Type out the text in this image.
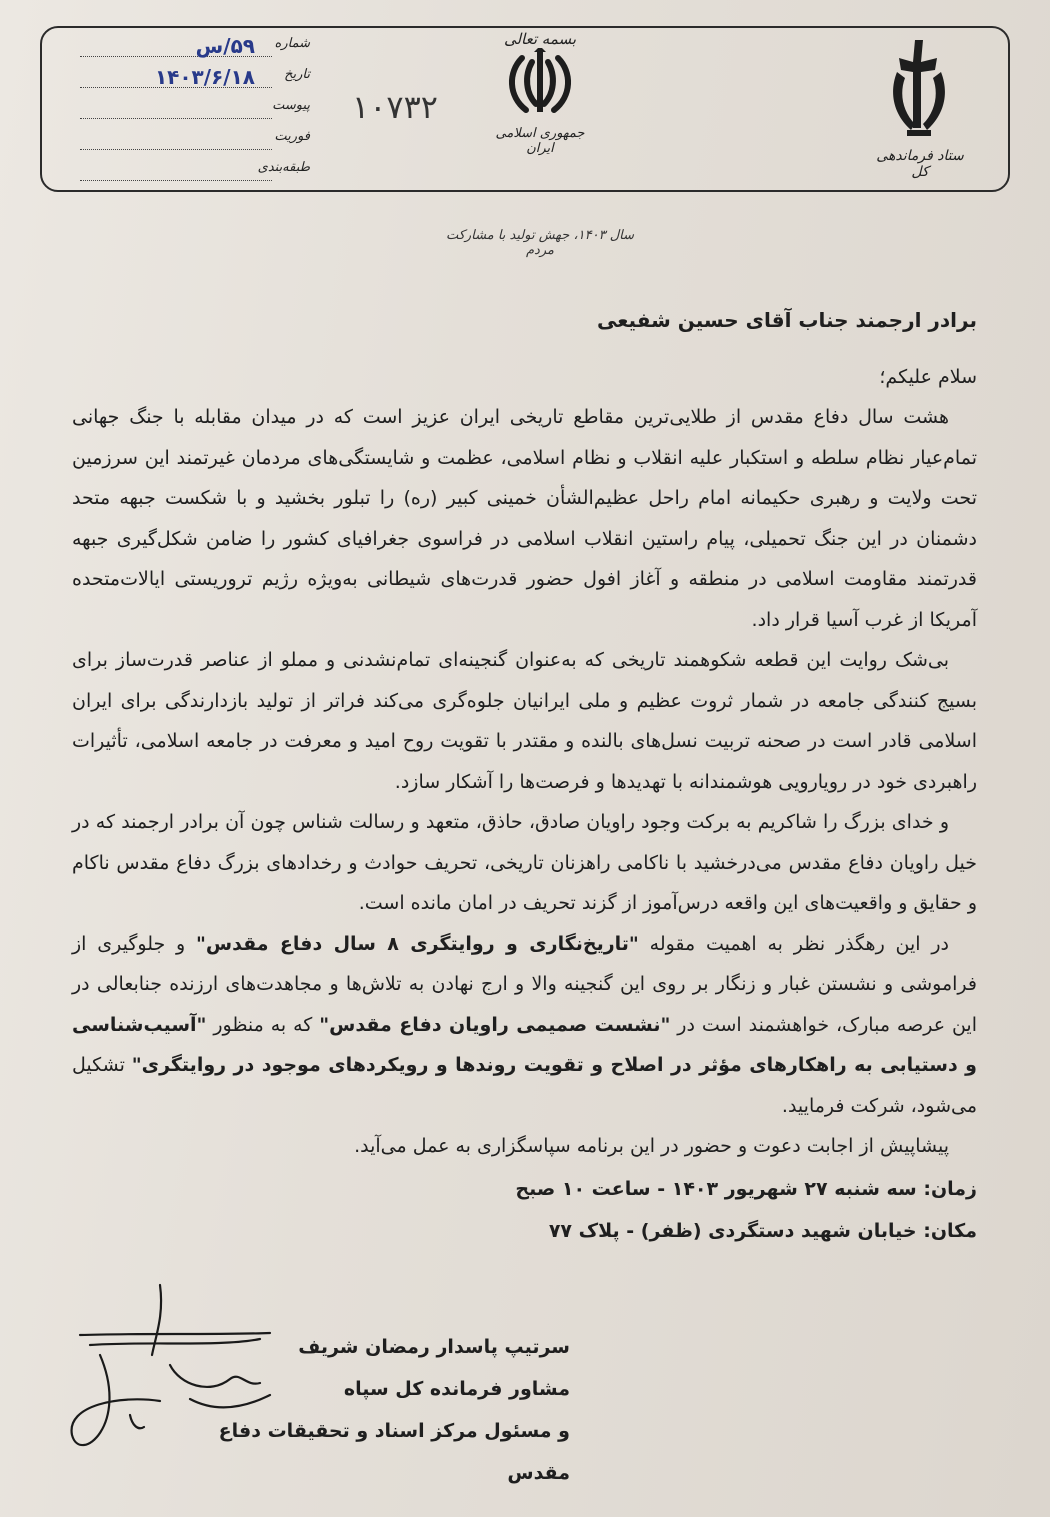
شماره
۵۹/س
تاریخ
۱۴۰۳/۶/۱۸
پیوست
فوریت
طبقه‌بندی
۱۰۷۳۲
بسمه تعالی
جمهوری اسلامی ایران	ستاد فرماندهی کل
سال ۱۴۰۳، جهش تولید با مشارکت مردم
برادر ارجمند جناب آقای حسین شفیعی
سلام علیکم؛

هشت سال دفاع مقدس از طلایی‌ترین مقاطع تاریخی ایران عزیز است که در میدان مقابله با جنگ جهانی تمام‌عیار نظام سلطه و استکبار علیه انقلاب و نظام اسلامی، عظمت و شایستگی‌های مردمان غیرتمند این سرزمین تحت ولایت و رهبری حکیمانه امام راحل عظیم‌الشأن خمینی کبیر (ره) را تبلور بخشید و با شکست جبهه متحد دشمنان در این جنگ تحمیلی، پیام راستین انقلاب اسلامی در فراسوی جغرافیای کشور را ضامن شکل‌گیری جبهه قدرتمند مقاومت اسلامی در منطقه و آغاز افول حضور قدرت‌های شیطانی به‌ویژه رژیم تروریستی ایالات‌متحده آمریکا از غرب آسیا قرار داد.

بی‌شک روایت این قطعه شکوهمند تاریخی که به‌عنوان گنجینه‌ای تمام‌نشدنی و مملو از عناصر قدرت‌ساز برای بسیج کنندگی جامعه در شمار ثروت عظیم و ملی ایرانیان جلوه‌گری می‌کند فراتر از تولید بازدارندگی برای ایران اسلامی قادر است در صحنه تربیت نسل‌های بالنده و مقتدر با تقویت روح امید و معرفت در جامعه اسلامی، تأثیرات راهبردی خود در رویارویی هوشمندانه با تهدیدها و فرصت‌ها را آشکار سازد.

و خدای بزرگ را شاکریم به برکت وجود راویان صادق، حاذق، متعهد و رسالت شناس چون آن برادر ارجمند که در خیل راویان دفاع مقدس می‌درخشید با ناکامی راهزنان تاریخی، تحریف حوادث و رخدادهای بزرگ دفاع مقدس ناکام و حقایق و واقعیت‌های این واقعه درس‌آموز از گزند تحریف در امان مانده است.

در این رهگذر نظر به اهمیت مقوله "تاریخ‌نگاری و روایتگری ۸ سال دفاع مقدس" و جلوگیری از فراموشی و نشستن غبار و زنگار بر روی این گنجینه والا و ارج نهادن به تلاش‌ها و مجاهدت‌های ارزنده جنابعالی در این عرصه مبارک، خواهشمند است در "نشست صمیمی راویان دفاع مقدس" که به منظور "آسیب‌شناسی و دستیابی به راهکارهای مؤثر در اصلاح و تقویت روندها و رویکردهای موجود در روایتگری" تشکیل می‌شود، شرکت فرمایید.

پیشاپیش از اجابت دعوت و حضور در این برنامه سپاسگزاری به عمل می‌آید.

زمان: سه شنبه ۲۷ شهریور ۱۴۰۳ - ساعت ۱۰ صبح
مکان: خیابان شهید دستگردی (ظفر) - پلاک ۷۷
سرتیپ پاسدار رمضان شریف
مشاور فرمانده کل سپاه
و مسئول مرکز اسناد و تحقیقات دفاع مقدس
